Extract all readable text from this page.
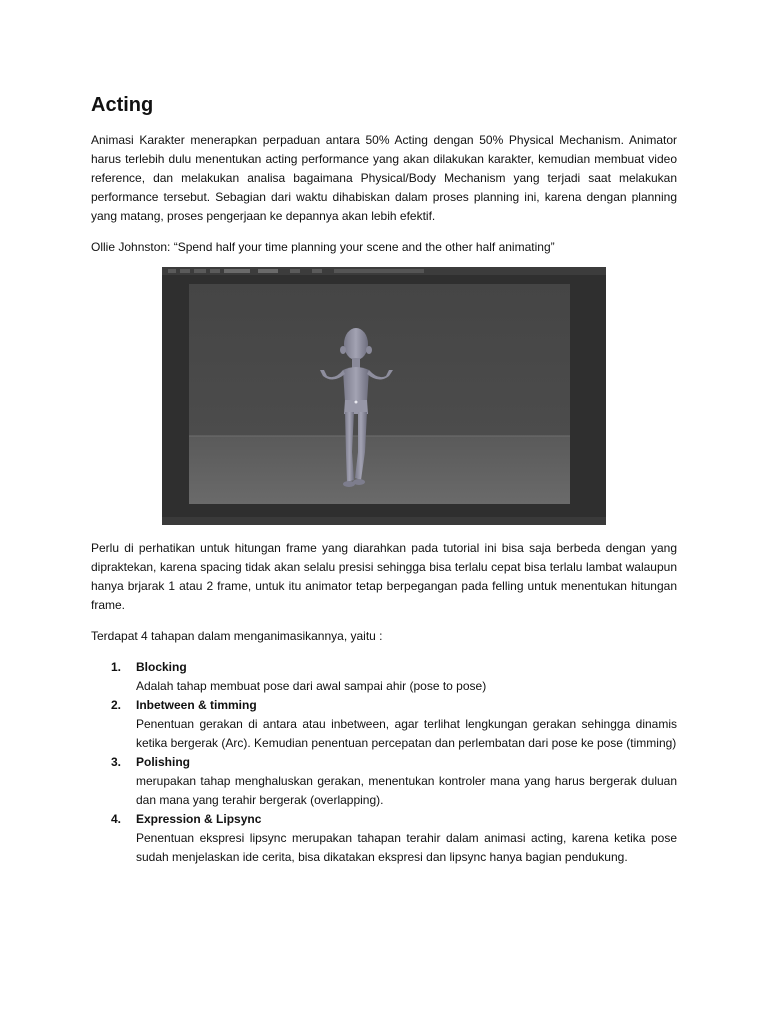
Acting

Animasi Karakter menerapkan perpaduan antara 50% Acting dengan 50% Physical Mechanism. Animator harus terlebih dulu menentukan acting performance yang akan dilakukan karakter, kemudian membuat video reference, dan melakukan analisa bagaimana Physical/Body Mechanism yang terjadi saat melakukan performance tersebut. Sebagian dari waktu dihabiskan dalam proses planning ini, karena dengan planning yang matang, proses pengerjaan ke depannya akan lebih efektif.

Ollie Johnston: “Spend half your time planning your scene and the other half animating”

Perlu di perhatikan untuk hitungan frame yang diarahkan pada tutorial ini bisa saja berbeda dengan yang dipraktekan, karena spacing tidak akan selalu presisi sehingga bisa terlalu cepat bisa terlalu lambat walaupun hanya brjarak 1 atau 2 frame, untuk itu animator tetap berpegangan pada felling untuk menentukan hitungan frame.

Terdapat 4 tahapan dalam menganimasikannya, yaitu :

1. Blocking
Adalah tahap membuat pose dari awal sampai ahir (pose to pose)
2. Inbetween & timming
Penentuan gerakan di antara atau inbetween, agar terlihat lengkungan gerakan sehingga dinamis ketika bergerak (Arc). Kemudian penentuan percepatan dan perlembatan dari pose ke pose (timming)
3. Polishing
merupakan tahap menghaluskan gerakan, menentukan kontroler mana yang harus bergerak duluan dan mana yang terahir bergerak (overlapping).
4. Expression & Lipsync
Penentuan ekspresi lipsync merupakan tahapan terahir dalam animasi acting, karena ketika pose sudah menjelaskan ide cerita, bisa dikatakan ekspresi dan lipsync hanya bagian pendukung.
